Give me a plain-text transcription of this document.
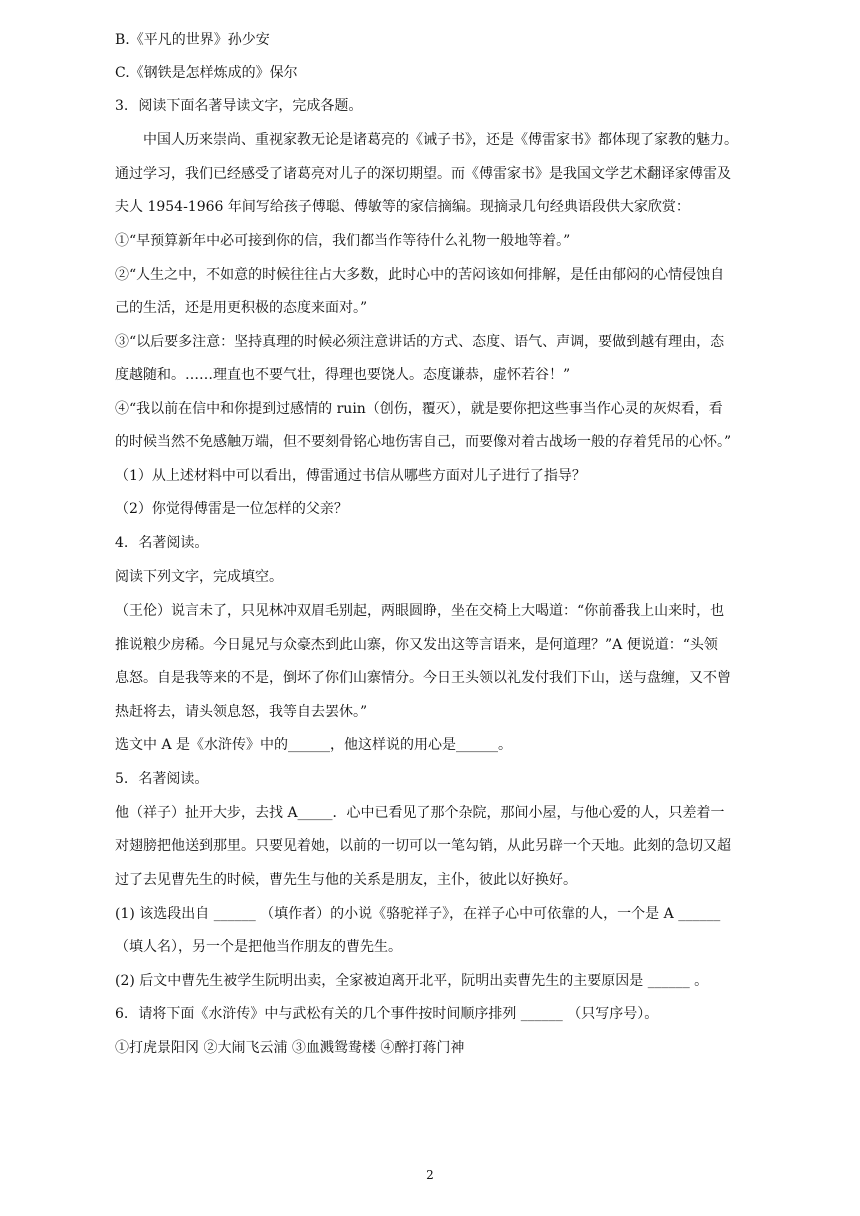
B.《平凡的世界》孙少安
C.《钢铁是怎样炼成的》保尔
3. 阅读下面名著导读文字，完成各题。
中国人历来崇尚、重视家教无论是诸葛亮的《诫子书》，还是《傅雷家书》都体现了家教的魅力。
通过学习，我们已经感受了诸葛亮对儿子的深切期望。而《傅雷家书》是我国文学艺术翻译家傅雷及
夫人 1954-1966 年间写给孩子傅聪、傅敏等的家信摘编。现摘录几句经典语段供大家欣赏：
①“早预算新年中必可接到你的信，我们都当作等待什么礼物一般地等着。”
②“人生之中，不如意的时候往往占大多数，此时心中的苦闷该如何排解，是任由郁闷的心情侵蚀自
己的生活，还是用更积极的态度来面对。”
③“以后要多注意：坚持真理的时候必须注意讲话的方式、态度、语气、声调，要做到越有理由，态
度越随和。……理直也不要气壮，得理也要饶人。态度谦恭，虚怀若谷！”
④“我以前在信中和你提到过感情的 ruin（创伤，覆灭），就是要你把这些事当作心灵的灰烬看，看
的时候当然不免感触万端，但不要刻骨铭心地伤害自己，而要像对着古战场一般的存着凭吊的心怀。”
（1）从上述材料中可以看出，傅雷通过书信从哪些方面对儿子进行了指导？
（2）你觉得傅雷是一位怎样的父亲？
4. 名著阅读。
阅读下列文字，完成填空。
（王伦）说言未了，只见林冲双眉毛别起，两眼圆睁，坐在交椅上大喝道：“你前番我上山来时，也
推说粮少房稀。今日晁兄与众豪杰到此山寨，你又发出这等言语来，是何道理？”A 便说道：“头领
息怒。自是我等来的不是，倒坏了你们山寨情分。今日王头领以礼发付我们下山，送与盘缠，又不曾
热赶将去，请头领息怒，我等自去罢休。”
选文中 A 是《水浒传》中的______，他这样说的用心是______。
5. 名著阅读。
他（祥子）扯开大步，去找 A_____．心中已看见了那个杂院，那间小屋，与他心爱的人，只差着一
对翅膀把他送到那里。只要见着她，以前的一切可以一笔勾销，从此另辟一个天地。此刻的急切又超
过了去见曹先生的时候，曹先生与他的关系是朋友，主仆，彼此以好换好。
(1) 该选段出自 ______ （填作者）的小说《骆驼祥子》，在祥子心中可依靠的人，一个是 A ______
（填人名），另一个是把他当作朋友的曹先生。
(2) 后文中曹先生被学生阮明出卖，全家被迫离开北平，阮明出卖曹先生的主要原因是 ______ 。
6. 请将下面《水浒传》中与武松有关的几个事件按时间顺序排列 ______ （只写序号）。
①打虎景阳冈 ②大闹飞云浦 ③血溅鸳鸯楼 ④醉打蒋门神
2
